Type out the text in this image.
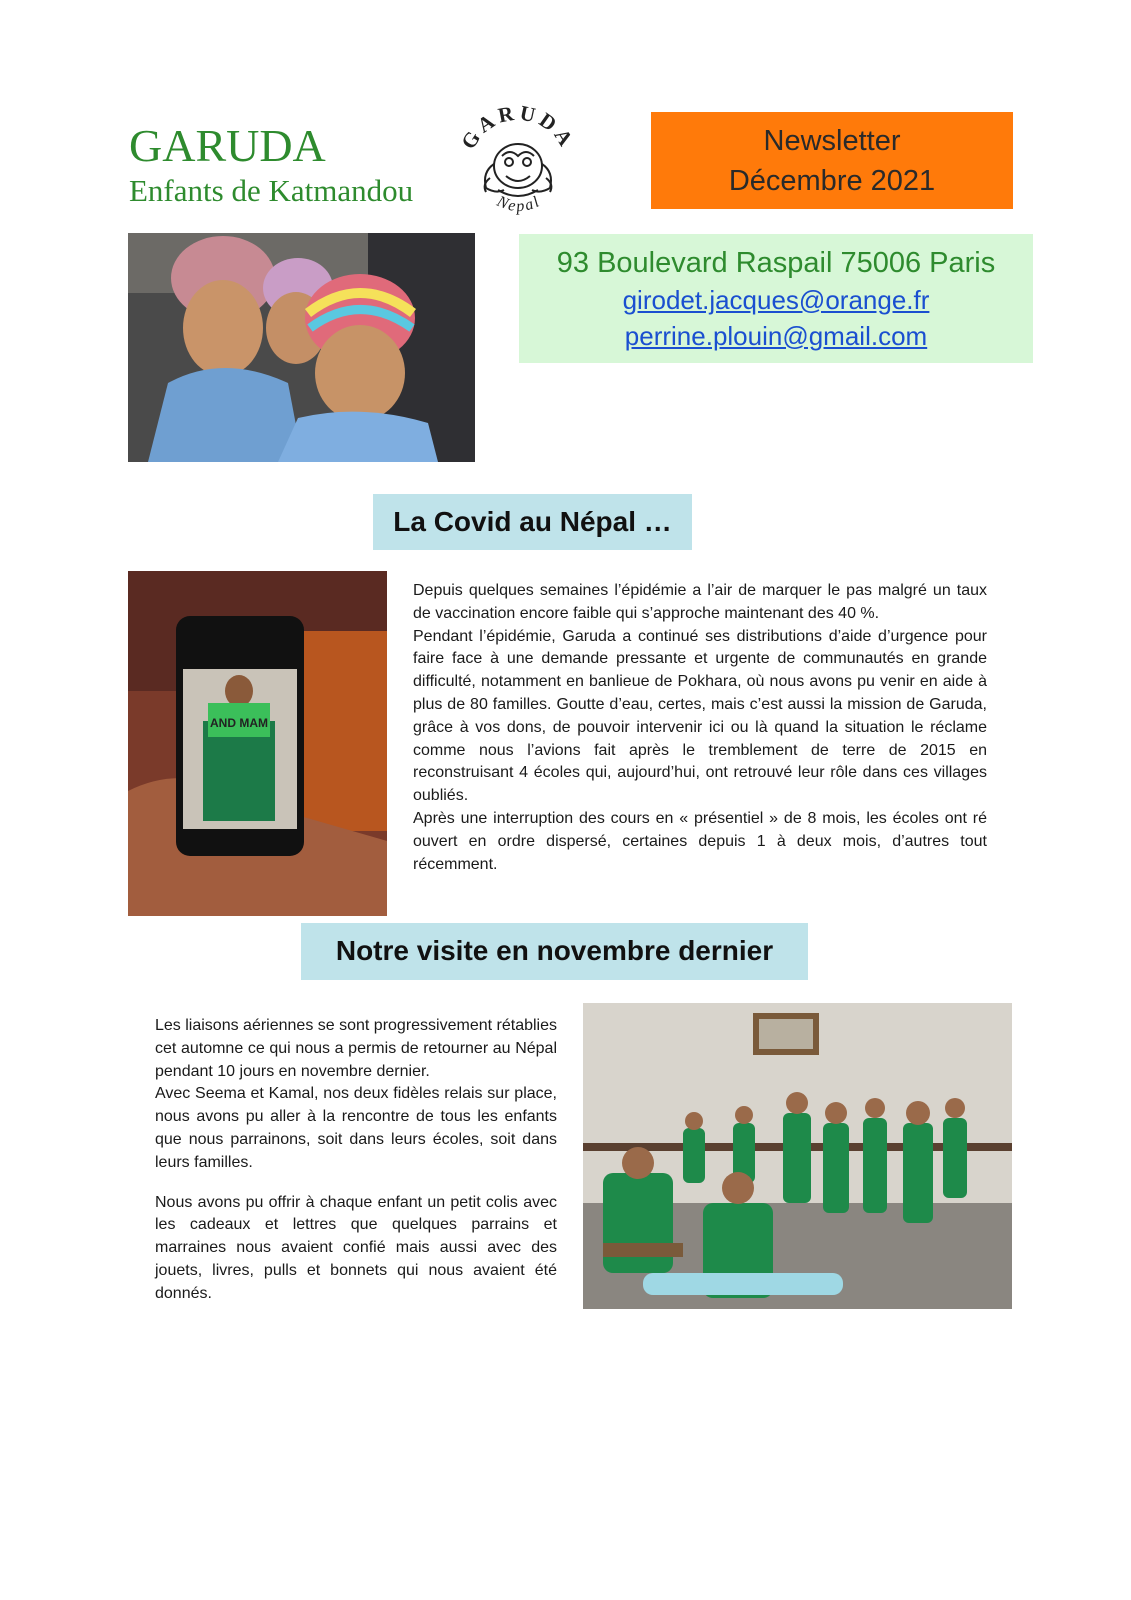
GARUDA
Enfants de Katmandou
GARUDA
Nepal
Newsletter
Décembre 2021
93 Boulevard Raspail 75006 Paris
girodet.jacques@orange.fr
perrine.plouin@gmail.com
La Covid au Népal …
AND MAM

Depuis quelques semaines l’épidémie a l’air de marquer le pas malgré un taux de vaccination encore faible qui s’approche maintenant des 40 %.

Pendant l’épidémie, Garuda a continué ses distributions d’aide d’urgence pour faire face à une demande pressante et urgente de communautés en grande difficulté, notamment en banlieue de Pokhara, où nous avons pu venir en aide à plus de 80 familles. Goutte d’eau, certes, mais c’est aussi la mission de Garuda, grâce à vos dons, de pouvoir intervenir ici ou là quand la situation le réclame comme nous l’avions fait après le tremblement de terre de 2015 en reconstruisant 4 écoles qui, aujourd’hui, ont retrouvé leur rôle dans ces villages oubliés.

Après une interruption des cours en « présentiel » de 8 mois, les écoles ont ré ouvert en ordre dispersé, certaines depuis 1 à deux mois, d’autres tout récemment.

Notre visite en novembre dernier

Les liaisons aériennes se sont progressivement rétablies cet automne ce qui nous a permis de retourner au Népal pendant 10 jours en novembre dernier.

Avec Seema et Kamal, nos deux fidèles relais sur place, nous avons pu aller à la rencontre de tous les enfants que nous parrainons, soit dans leurs écoles, soit dans leurs familles.

Nous avons pu offrir à chaque enfant un petit colis avec les cadeaux et lettres que quelques parrains et marraines nous avaient confié mais aussi avec des jouets, livres, pulls et bonnets qui nous avaient été donnés.
